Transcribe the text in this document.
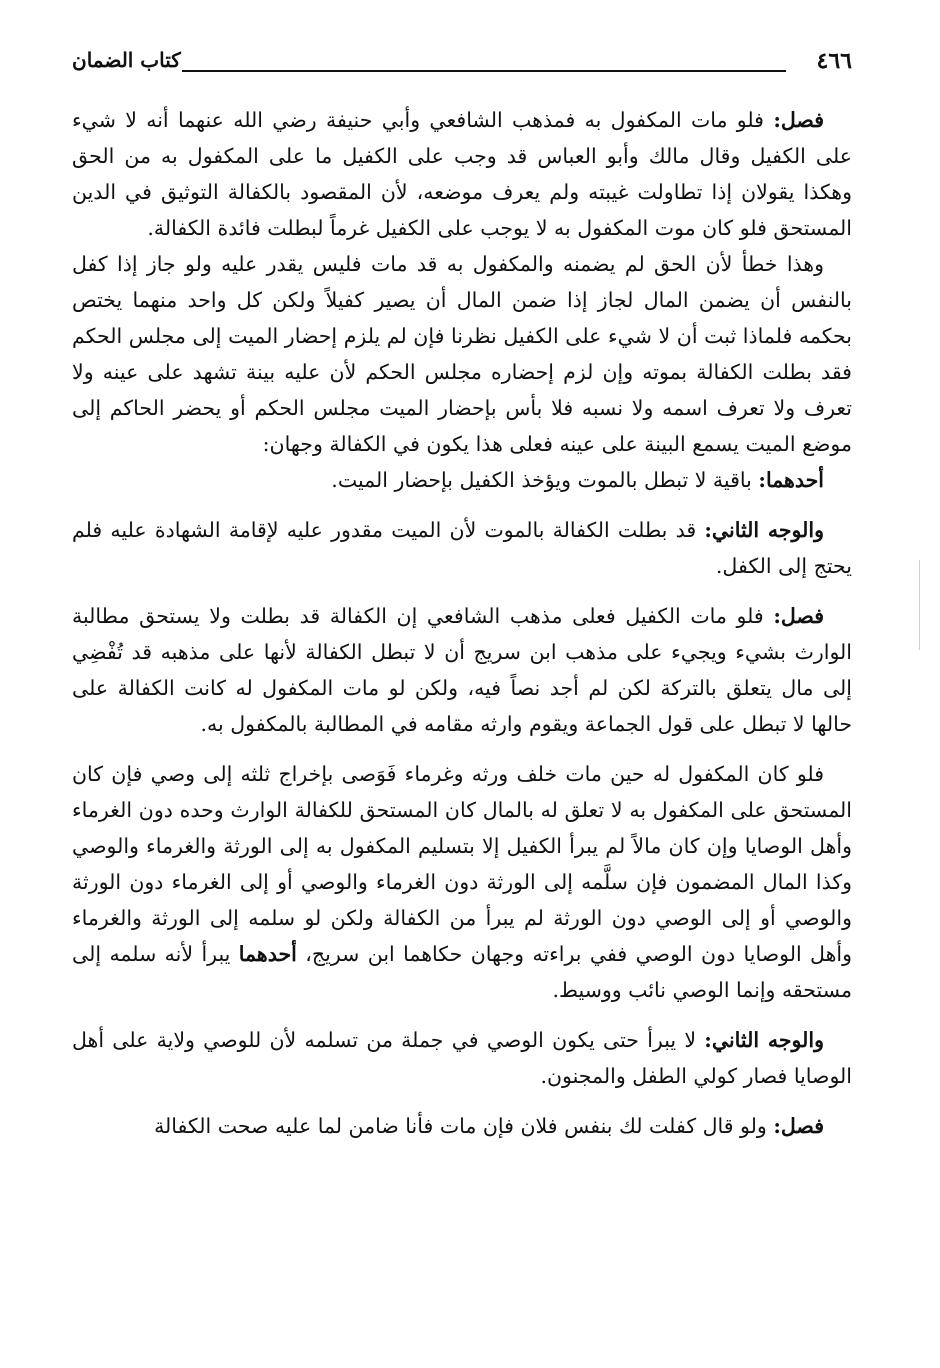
٤٦٦
كتاب الضمان

فصل: فلو مات المكفول به فمذهب الشافعي وأبي حنيفة رضي الله عنهما أنه لا شيء على الكفيل وقال مالك وأبو العباس قد وجب على الكفيل ما على المكفول به من الحق وهكذا يقولان إذا تطاولت غيبته ولم يعرف موضعه، لأن المقصود بالكفالة التوثيق في الدين المستحق فلو كان موت المكفول به لا يوجب على الكفيل غرماً لبطلت فائدة الكفالة.

وهذا خطأ لأن الحق لم يضمنه والمكفول به قد مات فليس يقدر عليه ولو جاز إذا كفل بالنفس أن يضمن المال لجاز إذا ضمن المال أن يصير كفيلاً ولكن كل واحد منهما يختص بحكمه فلماذا ثبت أن لا شيء على الكفيل نظرنا فإن لم يلزم إحضار الميت إلى مجلس الحكم فقد بطلت الكفالة بموته وإن لزم إحضاره مجلس الحكم لأن عليه بينة تشهد على عينه ولا تعرف ولا تعرف اسمه ولا نسبه فلا بأس بإحضار الميت مجلس الحكم أو يحضر الحاكم إلى موضع الميت يسمع البينة على عينه فعلى هذا يكون في الكفالة وجهان:

أحدهما: باقية لا تبطل بالموت ويؤخذ الكفيل بإحضار الميت.

والوجه الثاني: قد بطلت الكفالة بالموت لأن الميت مقدور عليه لإقامة الشهادة عليه فلم يحتج إلى الكفل.

فصل: فلو مات الكفيل فعلى مذهب الشافعي إن الكفالة قد بطلت ولا يستحق مطالبة الوارث بشيء ويجيء على مذهب ابن سريج أن لا تبطل الكفالة لأنها على مذهبه قد تُفْضِي إلى مال يتعلق بالتركة لكن لم أجد نصاً فيه، ولكن لو مات المكفول له كانت الكفالة على حالها لا تبطل على قول الجماعة ويقوم وارثه مقامه في المطالبة بالمكفول به.

فلو كان المكفول له حين مات خلف ورثه وغرماء فَوَصى بإخراج ثلثه إلى وصي فإن كان المستحق على المكفول به لا تعلق له بالمال كان المستحق للكفالة الوارث وحده دون الغرماء وأهل الوصايا وإن كان مالاً لم يبرأ الكفيل إلا بتسليم المكفول به إلى الورثة والغرماء والوصي وكذا المال المضمون فإن سلَّمه إلى الورثة دون الغرماء والوصي أو إلى الغرماء دون الورثة والوصي أو إلى الوصي دون الورثة لم يبرأ من الكفالة ولكن لو سلمه إلى الورثة والغرماء وأهل الوصايا دون الوصي ففي براءته وجهان حكاهما ابن سريج، أحدهما يبرأ لأنه سلمه إلى مستحقه وإنما الوصي نائب ووسيط.

والوجه الثاني: لا يبرأ حتى يكون الوصي في جملة من تسلمه لأن للوصي ولاية على أهل الوصايا فصار كولي الطفل والمجنون.

فصل: ولو قال كفلت لك بنفس فلان فإن مات فأنا ضامن لما عليه صحت الكفالة
